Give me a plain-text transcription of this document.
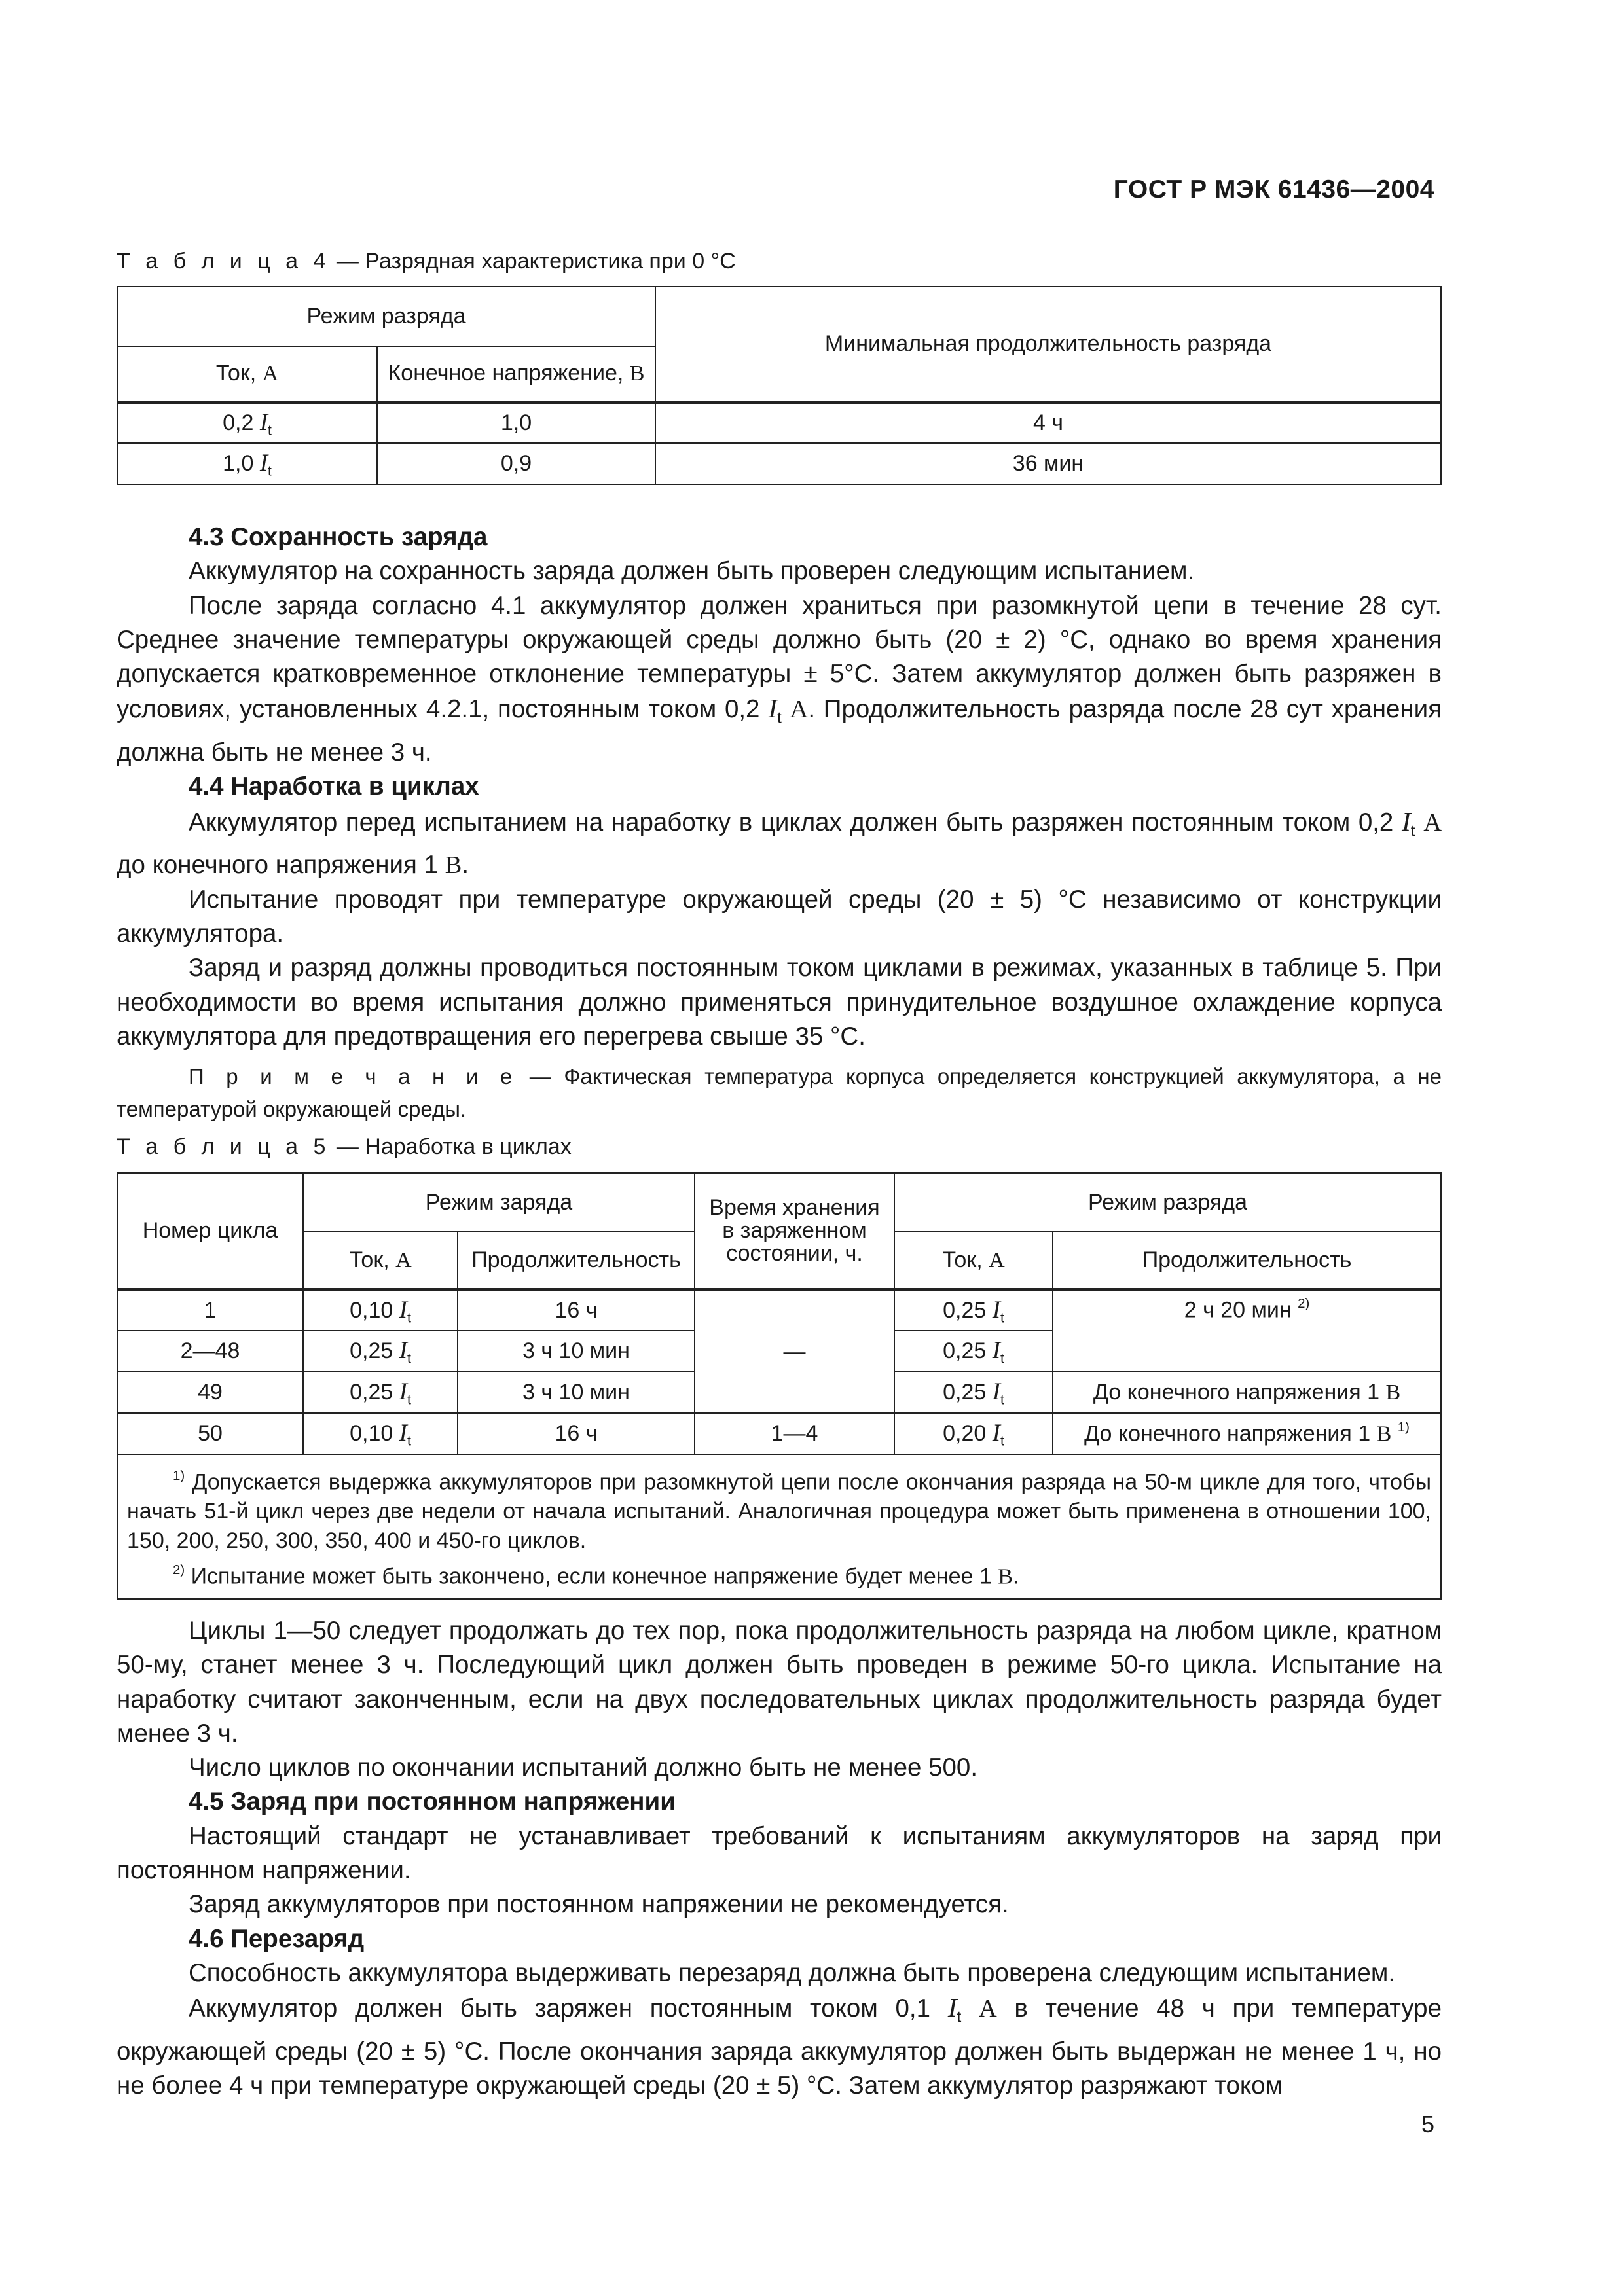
ГОСТ Р МЭК 61436—2004
Т а б л и ц а 4 — Разрядная характеристика при 0 °С
Режим разряда		Минимальная продолжительность разряда
Ток, А	Конечное напряжение, В	
0,2 $I_t$	1,0	4 ч
1,0 $I_t$	0,9	36 мин

4.3 Сохранность заряда

Аккумулятор на сохранность заряда должен быть проверен следующим испытанием.

После заряда согласно 4.1 аккумулятор должен храниться при разомкнутой цепи в течение 28 сут. Среднее значение температуры окружающей среды должно быть (20 ± 2) °С, однако во время хранения допускается кратковременное отклонение температуры ± 5°С. Затем аккумулятор должен быть разряжен в условиях, установленных 4.2.1, постоянным током 0,2 $I_t$ А. Продолжительность разряда после 28 сут хранения должна быть не менее 3 ч.

4.4 Наработка в циклах

Аккумулятор перед испытанием на наработку в циклах должен быть разряжен постоянным током 0,2 $I_t$ А до конечного напряжения 1 В.

Испытание проводят при температуре окружающей среды (20 ± 5) °С независимо от конструкции аккумулятора.

Заряд и разряд должны проводиться постоянным током циклами в режимах, указанных в таблице 5. При необходимости во время испытания должно применяться принудительное воздушное охлаждение корпуса аккумулятора для предотвращения его перегрева свыше 35 °С.

П р и м е ч а н и е — Фактическая температура корпуса определяется конструкцией аккумулятора, а не температурой окружающей среды.

Т а б л и ц а 5 — Наработка в циклах
Номер цикла	Режим заряда		Время хранения в заряженном состоянии, ч.	Режим разряда	
	Ток, А	Продолжительность		Ток, А	Продолжительность
1	0,10 $I_t$	16 ч	—	0,25 $I_t$	2 ч 20 мин $^{2)}$
2—48	0,25 $I_t$	3 ч 10 мин		0,25 $I_t$
49	0,25 $I_t$	3 ч 10 мин		0,25 $I_t$	До конечного напряжения 1 В
50	0,10 $I_t$	16 ч	1—4	0,20 $I_t$	До конечного напряжения 1 В $^{1)}$

$^{1)}$ Допускается выдержка аккумуляторов при разомкнутой цепи после окончания разряда на 50-м цикле для того, чтобы начать 51-й цикл через две недели от начала испытаний. Аналогичная процедура может быть применена в отношении 100, 150, 200, 250, 300, 350, 400 и 450-го циклов.
$^{2)}$ Испытание может быть закончено, если конечное напряжение будет менее 1 В.					

Циклы 1—50 следует продолжать до тех пор, пока продолжительность разряда на любом цикле, кратном 50-му, станет менее 3 ч. Последующий цикл должен быть проведен в режиме 50-го цикла. Испытание на наработку считают законченным, если на двух последовательных циклах продолжительность разряда будет менее 3 ч.

Число циклов по окончании испытаний должно быть не менее 500.

4.5 Заряд при постоянном напряжении

Настоящий стандарт не устанавливает требований к испытаниям аккумуляторов на заряд при постоянном напряжении.

Заряд аккумуляторов при постоянном напряжении не рекомендуется.

4.6 Перезаряд

Способность аккумулятора выдерживать перезаряд должна быть проверена следующим испытанием.

Аккумулятор должен быть заряжен постоянным током 0,1 $I_t$ А в течение 48 ч при температуре окружающей среды (20 ± 5) °С. После окончания заряда аккумулятор должен быть выдержан не менее 1 ч, но не более 4 ч при температуре окружающей среды (20 ± 5) °С. Затем аккумулятор разряжают током

5
